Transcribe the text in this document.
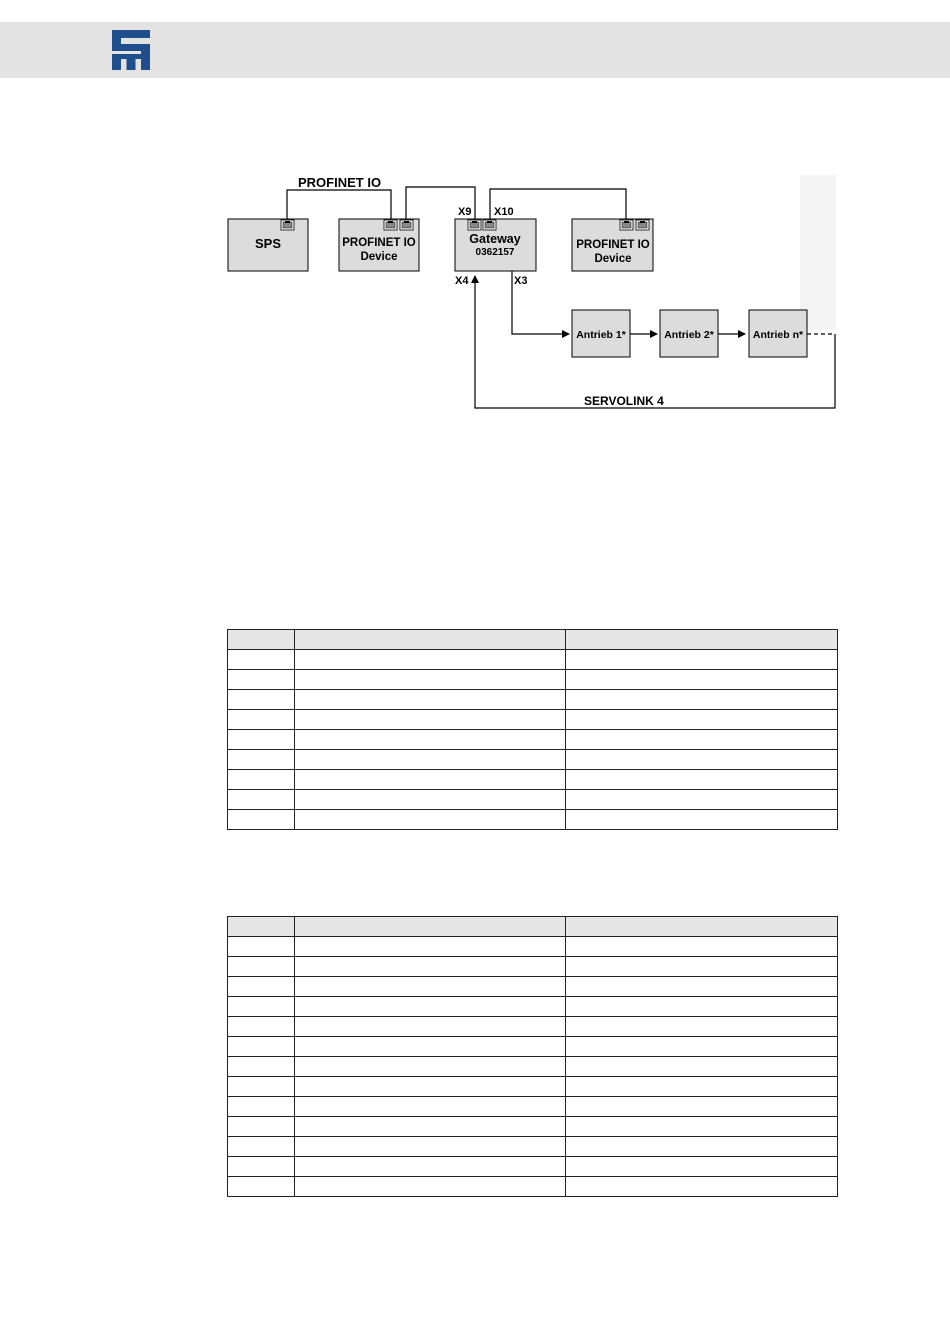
PROFINET IO
SPS	PROFINET IO
Device
Gateway
0362157
PROFINET IO
Device
X9 X10
X4	X3
Antrieb 1*	Antrieb 2*	Antrieb n*
SERVOLINK 4
